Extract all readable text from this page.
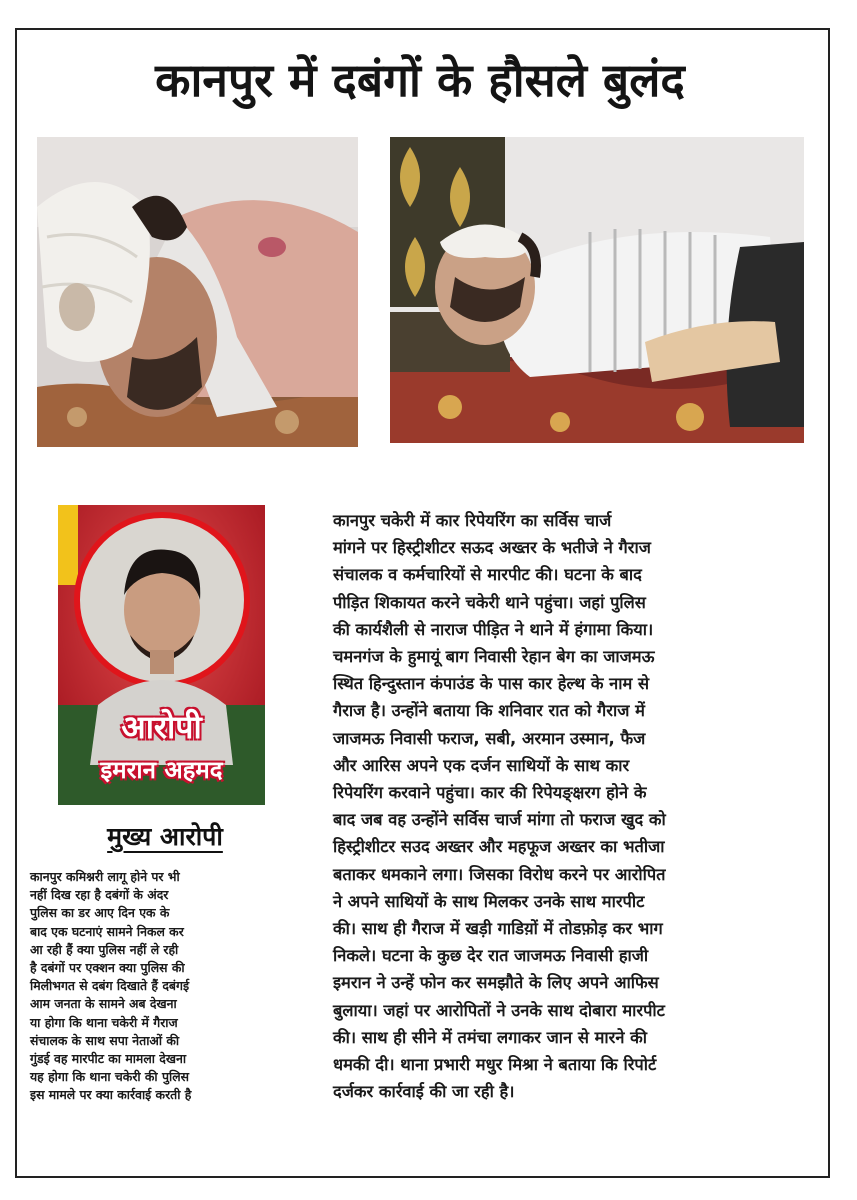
कानपुर में दबंगों के हौसले बुलंद
आरोपी
इमरान अहमद
मुख्य आरोपी
कानपुर कमिश्नरी लागू होने पर भी
नहीं दिख रहा है दबंगों के अंदर
पुलिस का डर आए दिन एक के
बाद एक घटनाएं सामने निकल कर
आ रही हैं क्या पुलिस नहीं ले रही
है दबंगों पर एक्शन क्या पुलिस की
मिलीभगत से दबंग दिखाते हैं दबंगई
आम जनता के सामने अब देखना
या होगा कि थाना चकेरी में गैराज
संचालक के साथ सपा नेताओं की
गुंडई वह मारपीट का मामला देखना
यह होगा कि थाना चकेरी की पुलिस
इस मामले पर क्या कार्रवाई करती है
कानपुर चकेरी में कार रिपेयरिंग का सर्विस चार्ज
मांगने पर हिस्ट्रीशीटर सऊद अख्तर के भतीजे ने गैराज
संचालक व कर्मचारियों से मारपीट की। घटना के बाद
पीड़ित शिकायत करने चकेरी थाने पहुंचा। जहां पुलिस
की कार्यशैली से नाराज पीड़ित ने थाने में हंगामा किया।
चमनगंज के हुमायूं बाग निवासी रेहान बेग का जाजमऊ
स्थित हिन्दुस्तान कंपाउंड के पास कार हेल्थ के नाम से
गैराज है। उन्होंने बताया कि शनिवार रात को गैराज में
जाजमऊ निवासी फराज, सबी, अरमान उस्मान, फैज
और आरिस अपने एक दर्जन साथियों के साथ कार
रिपेयरिंग करवाने पहुंचा। कार की रिपेयङ्क्षरग होने के
बाद जब वह उन्होंने सर्विस चार्ज मांगा तो फराज खुद को
हिस्ट्रीशीटर सउद अख्तर और महफूज अख्तर का भतीजा
बताकर धमकाने लगा। जिसका विरोध करने पर आरोपित
ने अपने साथियों के साथ मिलकर उनके साथ मारपीट
की। साथ ही गैराज में खड़ी गाडिय़ों में तोडफ़ोड़ कर भाग
निकले। घटना के कुछ देर रात जाजमऊ निवासी हाजी
इमरान ने उन्हें फोन कर समझौते के लिए अपने आफिस
बुलाया। जहां पर आरोपितों ने उनके साथ दोबारा मारपीट
की। साथ ही सीने में तमंचा लगाकर जान से मारने की
धमकी दी। थाना प्रभारी मधुर मिश्रा ने बताया कि रिपोर्ट
दर्जकर कार्रवाई की जा रही है।
